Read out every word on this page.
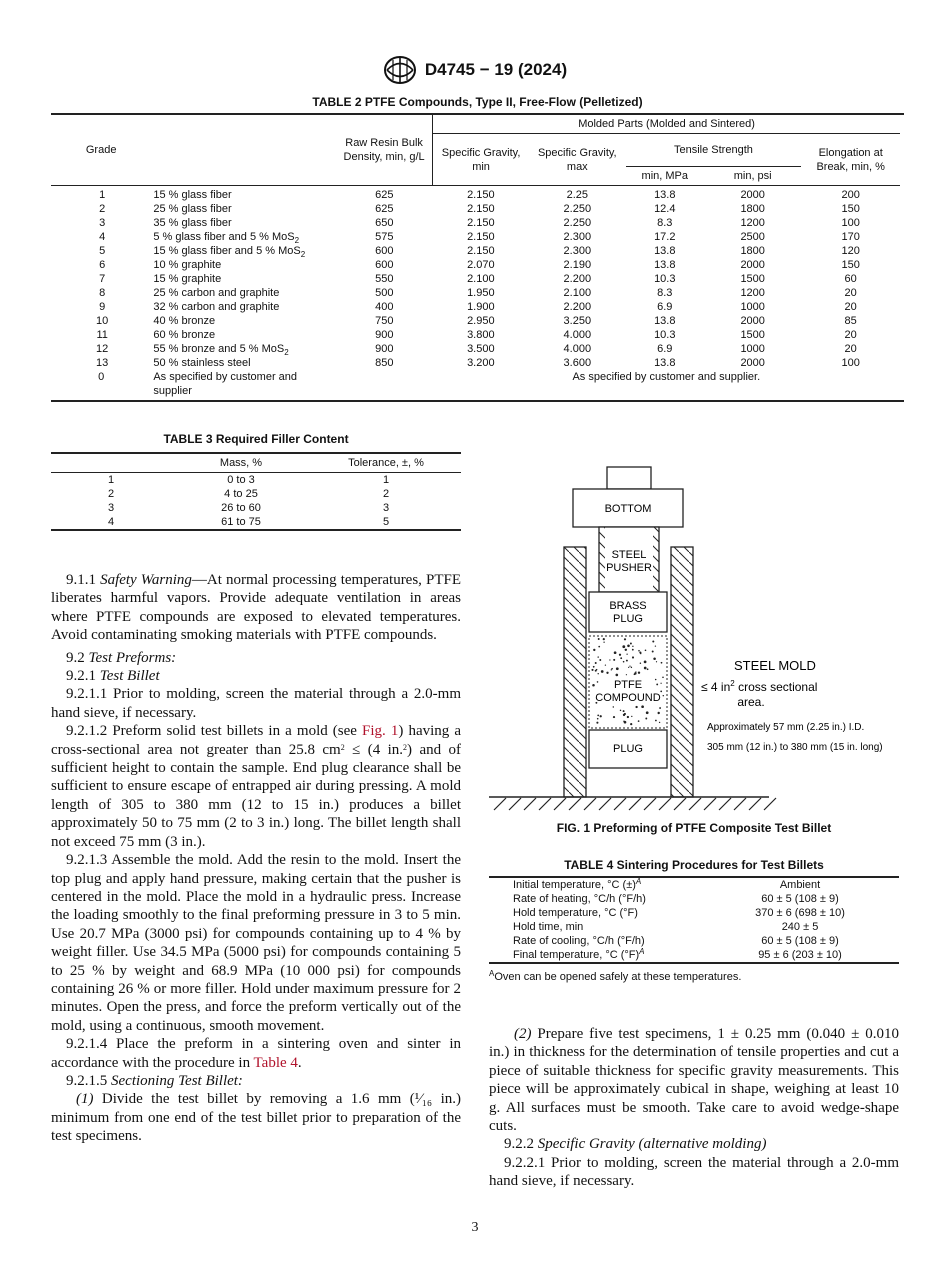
D4745 − 19 (2024)
TABLE 2 PTFE Compounds, Type II, Free-Flow (Pelletized)
Grade		Raw Resin Bulk Density, min, g/L	Molded Parts (Molded and Sintered)					
			Specific Gravity, min	Specific Gravity, max	Tensile Strength		Elongation at Break, min, %	
					min, MPa	min, psi		
1	15 % glass fiber	625	2.150	2.25	13.8	2000	200	
2	25 % glass fiber	625	2.150	2.250	12.4	1800	150	
3	35 % glass fiber	650	2.150	2.250	8.3	1200	100	
4	5 % glass fiber and 5 % MoS$_2$	575	2.150	2.300	17.2	2500	170	
5	15 % glass fiber and 5 % MoS$_2$	600	2.150	2.300	13.8	1800	120	
6	10 % graphite	600	2.070	2.190	13.8	2000	150	
7	15 % graphite	550	2.100	2.200	10.3	1500	60	
8	25 % carbon and graphite	500	1.950	2.100	8.3	1200	20	
9	32 % carbon and graphite	400	1.900	2.200	6.9	1000	20	
10	40 % bronze	750	2.950	3.250	13.8	2000	85	
11	60 % bronze	900	3.800	4.000	10.3	1500	20	
12	55 % bronze and 5 % MoS$_2$	900	3.500	4.000	6.9	1000	20	
13	50 % stainless steel	850	3.200	3.600	13.8	2000	100	
0	As specified by customer and supplier		As specified by customer and supplier.					
TABLE 3 Required Filler Content
	Mass, %	Tolerance, ±, %
1	0 to 3	1
2	4 to 25	2
3	26 to 60	3
4	61 to 75	5

9.1.1 Safety Warning—At normal processing temperatures, PTFE liberates harmful vapors. Provide adequate ventilation in areas where PTFE compounds are exposed to elevated temperatures. Avoid contaminating smoking materials with PTFE compounds.

9.2 Test Preforms:

9.2.1 Test Billet

9.2.1.1 Prior to molding, screen the material through a 2.0-mm hand sieve, if necessary.

9.2.1.2 Preform solid test billets in a mold (see Fig. 1) having a cross-sectional area not greater than 25.8 $cm^2 \le (4$ in.$^2$) and of sufficient height to contain the sample. End plug clearance shall be sufficient to ensure escape of entrapped air during pressing. A mold length of 305 to 380 mm (12 to 15 in.) produces a billet approximately 50 to 75 mm (2 to 3 in.) long. The billet length shall not exceed 75 mm (3 in.).

9.2.1.3 Assemble the mold. Add the resin to the mold. Insert the top plug and apply hand pressure, making certain that the pusher is centered in the mold. Place the mold in a hydraulic press. Increase the loading smoothly to the final preforming pressure in 3 to 5 min. Use 20.7 MPa (3000 psi) for compounds containing up to 4 % by weight filler. Use 34.5 MPa (5000 psi) for compounds containing 5 to 25 % by weight and 68.9 MPa (10 000 psi) for compounds containing 26 % or more filler. Hold under maximum pressure for 2 minutes. Open the press, and force the preform vertically out of the mold, using a continuous, smooth movement.

9.2.1.4 Place the preform in a sintering oven and sinter in accordance with the procedure in Table 4.

9.2.1.5 Sectioning Test Billet:

(1) Divide the test billet by removing a 1.6 mm (¹⁄₁₆ in.) minimum from one end of the test billet prior to preparation of the test specimens.

BOTTOM
STEEL
PUSHER
BRASS
PLUG
PTFE
COMPOUND
PLUG
STEEL MOLD
≤ 4 $in^2$ cross sectional
area.
Approximately 57 mm (2.25 in.) I.D.
305 mm (12 in.) to 380 mm (15 in. long)
FIG. 1 Preforming of PTFE Composite Test Billet
TABLE 4 Sintering Procedures for Test Billets
	Initial temperature, °C $(\pm)^A$	Ambient
	Rate of heating, °C/h (°F/h)	60 ± 5 (108 ± 9)
	Hold temperature, °C (°F)	370 ± 6 (698 ± 10)
	Hold time, min	240 ± 5
	Rate of cooling, °C/h (°F/h)	60 ± 5 (108 ± 9)
	Final temperature, °C $(^\circ F)^A$	95 ± 6 (203 ± 10)
$^A$Oven can be opened safely at these temperatures.

(2) Prepare five test specimens, 1 ± 0.25 mm (0.040 ± 0.010 in.) in thickness for the determination of tensile properties and cut a piece of suitable thickness for specific gravity measurements. This piece will be approximately cubical in shape, weighing at least 10 g. All surfaces must be smooth. Take care to avoid wedge-shape cuts.

9.2.2 Specific Gravity (alternative molding)

9.2.2.1 Prior to molding, screen the material through a 2.0-mm hand sieve, if necessary.

3
